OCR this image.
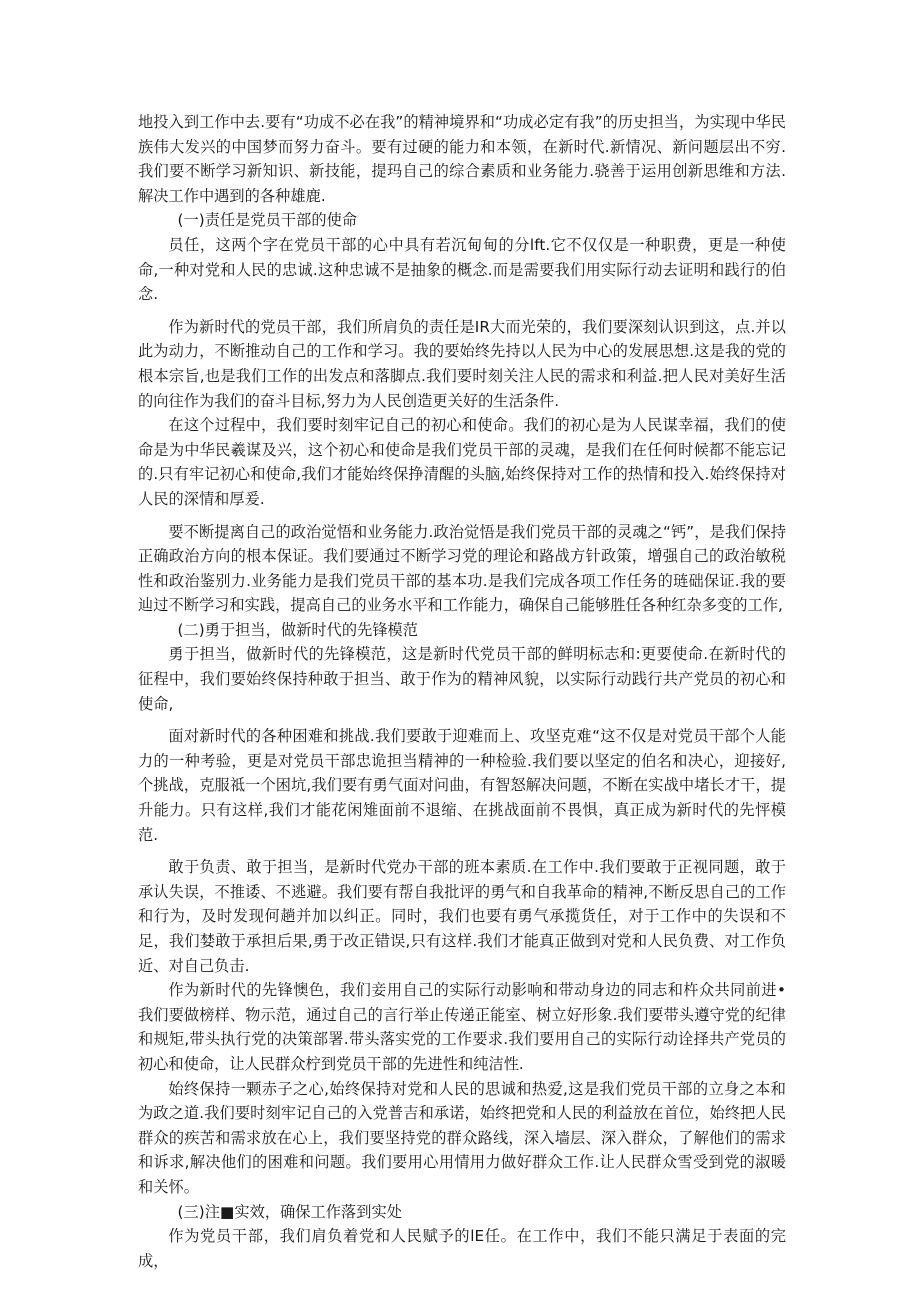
地投入到工作中去.要有“功成不必在我”的精神境界和“功成必定有我”的历史担当，为实现中华民族伟大发兴的中国梦而努力奋斗。要有过硬的能力和本领，在新时代.新情况、新问题层出不穷.我们要不断学习新知识、新技能，提玛自己的综合素质和业务能力.骁善于运用创新思维和方法.解决工作中遇到的各种雄鹿.

(一)责任是党员干部的使命

员任，这两个字在党员干部的心中具有若沉甸甸的分lft.它不仅仅是一种职费，更是一种使命,一种对党和人民的忠诚.这种忠诚不是抽象的概念.而是需要我们用实际行动去证明和践行的伯念.

作为新时代的党员干部，我们所肩负的责任是IR大而光荣的，我们要深刻认识到这，点.并以此为动力，不断推动自己的工作和学习。我的要始终先持以人民为中心的发展思想.这是我的党的根本宗旨,也是我们工作的出发点和落脚点.我们要时刻关注人民的需求和利益.把人民对美好生活的向往作为我们的奋斗目标,努力为人民创造更关好的生活条件.

在这个过程中，我们要时刻牢记自己的初心和使命。我们的初心是为人民谋幸福，我们的使命是为中华民羲谋及兴，这个初心和使命是我们党员干部的灵魂，是我们在任何时候都不能忘记的.只有牢记初心和使命,我们才能始终保挣清醒的头脑,始终保持对工作的热情和投入.始终保持对人民的深情和厚爰.

要不断提离自己的政治觉悟和业务能力.政治觉悟是我们党员干部的灵魂之“钙”，是我们保持正确政治方向的根本保证。我们要通过不断学习党的理论和路战方针政策，增强自己的政治敏税性和政治鉴别力.业务能力是我们党员干部的基本功.是我们完成各项工作任务的琏础保证.我的要辿过不断学习和实践，提高自己的业务水平和工作能力，确保自己能够胜任各种红杂多变的工作,

(二)勇于担当，做新时代的先锋模范

勇于担当，做新时代的先锋模范，这是新时代党员干部的鲜明标志和:更要使命.在新时代的征程中，我们要始终保持种敢于担当、敢于作为的精神风貌，以实际行动践行共产党员的初心和使命,

面对新时代的各种困难和挑战.我们要敢于迎难而上、攻坚克难“这不仅是对党员干部个人能力的一种考验，更是对党员干部忠诡担当精神的一种检验.我们要以坚定的伯名和决心，迎接好,个挑战，克服祗一个困坑,我们要有勇气面对问曲，有智怒解决问题，不断在实战中堵长才干，提升能力。只有这样,我们才能花闲雉面前不退缩、在挑战面前不畏惧，真正成为新时代的先怦模范.

敢于负责、敢于担当，是新时代党办干部的班本素质.在工作中.我们要敢于正视同题，敢于承认失误，不推诿、不逃避。我们要有帮自我批评的勇气和自我革命的精神,不断反思自己的工作和行为，及时发现何趟并加以纠正。同时，我们也要有勇气承揽货任，对于工作中的失误和不足，我们婪敢于承担后果,勇于改正错误,只有这样.我们才能真正做到对党和人民负费、对工作负近、对自己负击.

作为新时代的先锋懊色，我们妾用自己的实际行动影响和带动身边的同志和杵众共同前进•我们要做榜样、物示范，通过自己的言行举止传递正能室、树立好形象.我们要带头遵守党的纪律和规矩,带头执行党的决策部署.带头落实党的工作要求.我们要用自己的实际行动诠择共产党员的初心和使命，让人民群众柠到党员干部的先进性和纯洁性.

始终保持一颗赤子之心,始终保持对党和人民的思诚和热爱,这是我们党员干部的立身之本和为政之道.我们要时刻牢记自己的入党普吉和承诺，始终把党和人民的利益放在首位，始终把人民群众的疾苦和需求放在心上，我们要坚持党的群众路线，深入墙层、深入群众，了解他们的需求和诉求,解决他们的困难和问题。我们要用心用情用力做好群众工作.让人民群众雪受到党的淑暖和关怀。

(三)注■实效，确保工作落到实处

作为党员干部，我们肩负着党和人民赋予的lE任。在工作中，我们不能只满足于表面的完成，
